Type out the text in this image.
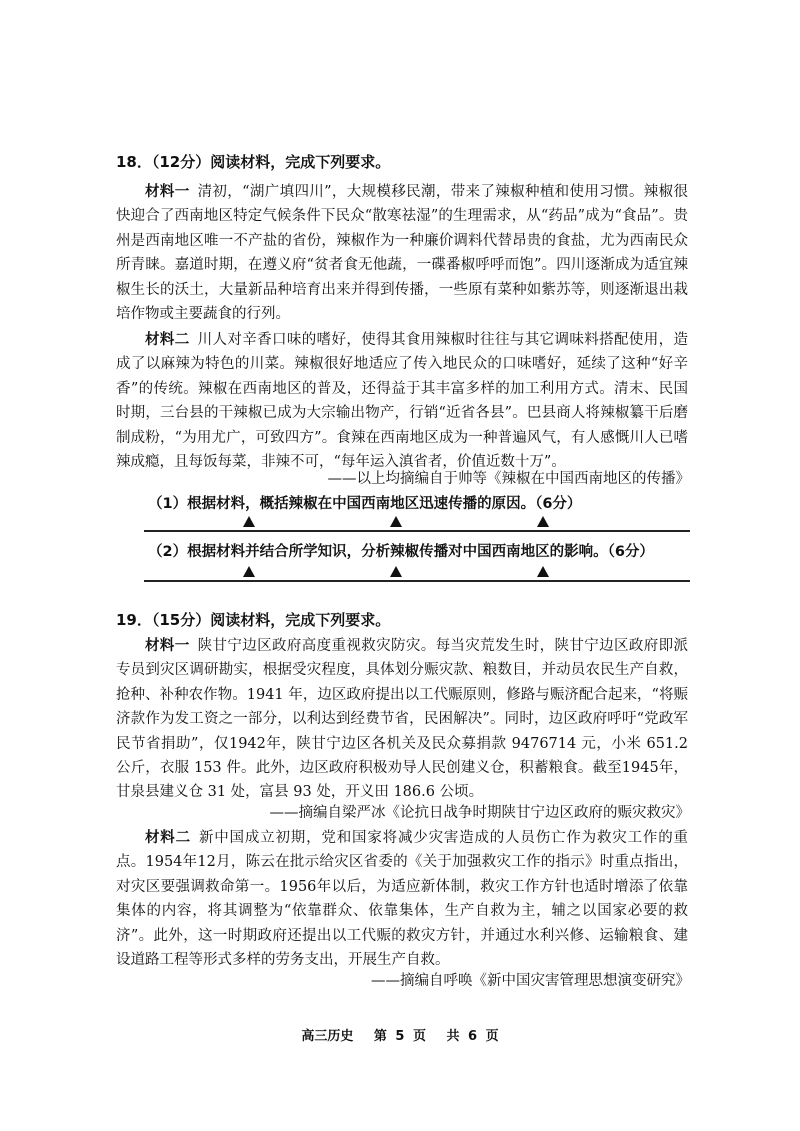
18．（12分）阅读材料，完成下列要求。

材料一 清初，“湖广填四川”，大规模移民潮，带来了辣椒种植和使用习惯。辣椒很快迎合了西南地区特定气候条件下民众“散寒祛湿”的生理需求，从“药品”成为“食品”。贵州是西南地区唯一不产盐的省份，辣椒作为一种廉价调料代替昂贵的食盐，尤为西南民众所青睐。嘉道时期，在遵义府“贫者食无他蔬，一碟番椒呼呼而饱”。四川逐渐成为适宜辣椒生长的沃土，大量新品种培育出来并得到传播，一些原有菜种如紫苏等，则逐渐退出栽培作物或主要蔬食的行列。

材料二 川人对辛香口味的嗜好，使得其食用辣椒时往往与其它调味料搭配使用，造成了以麻辣为特色的川菜。辣椒很好地适应了传入地民众的口味嗜好，延续了这种“好辛香”的传统。辣椒在西南地区的普及，还得益于其丰富多样的加工利用方式。清末、民国时期，三台县的干辣椒已成为大宗输出物产，行销“近省各县”。巴县商人将辣椒纂干后磨制成粉，“为用尤广，可致四方”。食辣在西南地区成为一种普遍风气，有人感慨川人已嗜辣成瘾，且每饭每菜，非辣不可，“每年运入滇省者，价值近数十万”。

——以上均摘编自于帅等《辣椒在中国西南地区的传播》
（1）根据材料，概括辣椒在中国西南地区迅速传播的原因。（6分）
（2）根据材料并结合所学知识，分析辣椒传播对中国西南地区的影响。（6分）
19．（15分）阅读材料，完成下列要求。

材料一 陕甘宁边区政府高度重视救灾防灾。每当灾荒发生时，陕甘宁边区政府即派专员到灾区调研勘实，根据受灾程度，具体划分赈灾款、粮数目，并动员农民生产自救，抢种、补种农作物。1941 年，边区政府提出以工代赈原则，修路与赈济配合起来，“将赈济款作为发工资之一部分，以利达到经费节省，民困解决”。同时，边区政府呼吁“党政军民节省捐助”，仅1942年，陕甘宁边区各机关及民众募捐款 9476714 元，小米 651.2 公斤，衣服 153 件。此外，边区政府积极劝导人民创建义仓，积蓄粮食。截至1945年，甘泉县建义仓 31 处，富县 93 处，开义田 186.6 公顷。

——摘编自梁严冰《论抗日战争时期陕甘宁边区政府的赈灾救灾》

材料二 新中国成立初期，党和国家将减少灾害造成的人员伤亡作为救灾工作的重点。1954年12月，陈云在批示给灾区省委的《关于加强救灾工作的指示》时重点指出，对灾区要强调救命第一。1956年以后，为适应新体制，救灾工作方针也适时增添了依靠集体的内容，将其调整为“依靠群众、依靠集体，生产自救为主，辅之以国家必要的救济”。此外，这一时期政府还提出以工代赈的救灾方针，并通过水利兴修、运输粮食、建设道路工程等形式多样的劳务支出，开展生产自救。

——摘编自呼唤《新中国灾害管理思想演变研究》
高三历史 第 5 页 共 6 页
